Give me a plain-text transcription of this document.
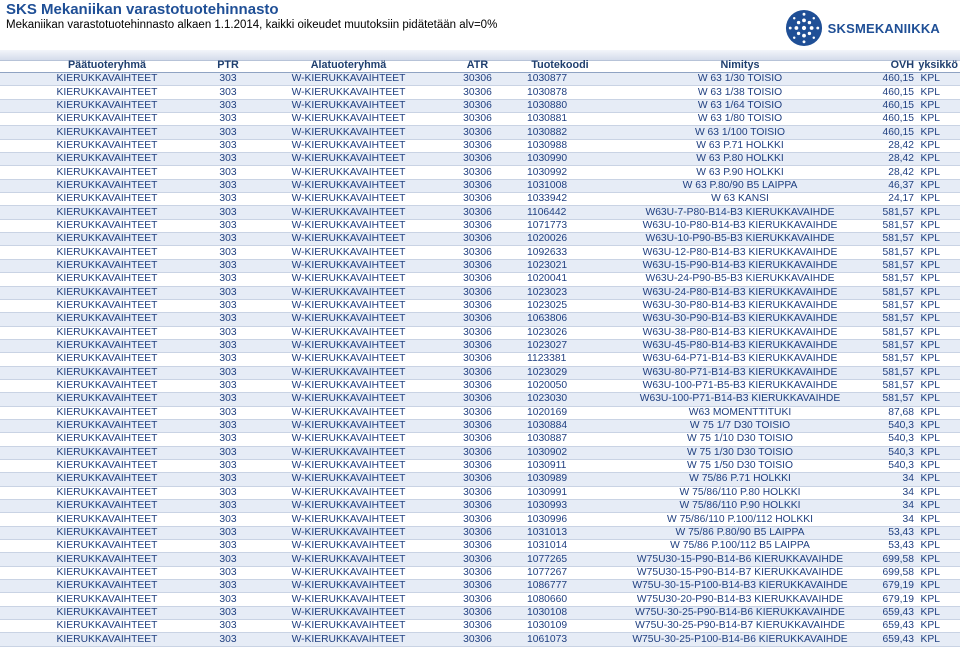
SKS Mekaniikan varastotuotehinnasto
Mekaniikan varastotuotehinnasto alkaen 1.1.2014, kaikki oikeudet muutoksiin pidätetään alv=0%	SKSMEKANIIKKA
Päätuoteryhmä	PTR	Alatuoteryhmä	ATR	Tuotekoodi	Nimitys	OVH	yksikkö
KIERUKKAVAIHTEET	303	W-KIERUKKAVAIHTEET	30306	1030877	W 63 1/30 TOISIO	460,15	KPL
KIERUKKAVAIHTEET	303	W-KIERUKKAVAIHTEET	30306	1030878	W 63 1/38 TOISIO	460,15	KPL
KIERUKKAVAIHTEET	303	W-KIERUKKAVAIHTEET	30306	1030880	W 63 1/64 TOISIO	460,15	KPL
KIERUKKAVAIHTEET	303	W-KIERUKKAVAIHTEET	30306	1030881	W 63 1/80 TOISIO	460,15	KPL
KIERUKKAVAIHTEET	303	W-KIERUKKAVAIHTEET	30306	1030882	W 63 1/100 TOISIO	460,15	KPL
KIERUKKAVAIHTEET	303	W-KIERUKKAVAIHTEET	30306	1030988	W 63 P.71 HOLKKI	28,42	KPL
KIERUKKAVAIHTEET	303	W-KIERUKKAVAIHTEET	30306	1030990	W 63 P.80 HOLKKI	28,42	KPL
KIERUKKAVAIHTEET	303	W-KIERUKKAVAIHTEET	30306	1030992	W 63 P.90 HOLKKI	28,42	KPL
KIERUKKAVAIHTEET	303	W-KIERUKKAVAIHTEET	30306	1031008	W 63 P.80/90 B5 LAIPPA	46,37	KPL
KIERUKKAVAIHTEET	303	W-KIERUKKAVAIHTEET	30306	1033942	W 63 KANSI	24,17	KPL
KIERUKKAVAIHTEET	303	W-KIERUKKAVAIHTEET	30306	1106442	W63U-7-P80-B14-B3 KIERUKKAVAIHDE	581,57	KPL
KIERUKKAVAIHTEET	303	W-KIERUKKAVAIHTEET	30306	1071773	W63U-10-P80-B14-B3 KIERUKKAVAIHDE	581,57	KPL
KIERUKKAVAIHTEET	303	W-KIERUKKAVAIHTEET	30306	1020026	W63U-10-P90-B5-B3 KIERUKKAVAIHDE	581,57	KPL
KIERUKKAVAIHTEET	303	W-KIERUKKAVAIHTEET	30306	1092633	W63U-12-P80-B14-B3 KIERUKKAVAIHDE	581,57	KPL
KIERUKKAVAIHTEET	303	W-KIERUKKAVAIHTEET	30306	1023021	W63U-15-P90-B14-B3 KIERUKKAVAIHDE	581,57	KPL
KIERUKKAVAIHTEET	303	W-KIERUKKAVAIHTEET	30306	1020041	W63U-24-P90-B5-B3 KIERUKKAVAIHDE	581,57	KPL
KIERUKKAVAIHTEET	303	W-KIERUKKAVAIHTEET	30306	1023023	W63U-24-P80-B14-B3 KIERUKKAVAIHDE	581,57	KPL
KIERUKKAVAIHTEET	303	W-KIERUKKAVAIHTEET	30306	1023025	W63U-30-P80-B14-B3 KIERUKKAVAIHDE	581,57	KPL
KIERUKKAVAIHTEET	303	W-KIERUKKAVAIHTEET	30306	1063806	W63U-30-P90-B14-B3 KIERUKKAVAIHDE	581,57	KPL
KIERUKKAVAIHTEET	303	W-KIERUKKAVAIHTEET	30306	1023026	W63U-38-P80-B14-B3 KIERUKKAVAIHDE	581,57	KPL
KIERUKKAVAIHTEET	303	W-KIERUKKAVAIHTEET	30306	1023027	W63U-45-P80-B14-B3 KIERUKKAVAIHDE	581,57	KPL
KIERUKKAVAIHTEET	303	W-KIERUKKAVAIHTEET	30306	1123381	W63U-64-P71-B14-B3 KIERUKKAVAIHDE	581,57	KPL
KIERUKKAVAIHTEET	303	W-KIERUKKAVAIHTEET	30306	1023029	W63U-80-P71-B14-B3 KIERUKKAVAIHDE	581,57	KPL
KIERUKKAVAIHTEET	303	W-KIERUKKAVAIHTEET	30306	1020050	W63U-100-P71-B5-B3 KIERUKKAVAIHDE	581,57	KPL
KIERUKKAVAIHTEET	303	W-KIERUKKAVAIHTEET	30306	1023030	W63U-100-P71-B14-B3 KIERUKKAVAIHDE	581,57	KPL
KIERUKKAVAIHTEET	303	W-KIERUKKAVAIHTEET	30306	1020169	W63 MOMENTTITUKI	87,68	KPL
KIERUKKAVAIHTEET	303	W-KIERUKKAVAIHTEET	30306	1030884	W 75 1/7 D30 TOISIO	540,3	KPL
KIERUKKAVAIHTEET	303	W-KIERUKKAVAIHTEET	30306	1030887	W 75 1/10 D30 TOISIO	540,3	KPL
KIERUKKAVAIHTEET	303	W-KIERUKKAVAIHTEET	30306	1030902	W 75 1/30 D30 TOISIO	540,3	KPL
KIERUKKAVAIHTEET	303	W-KIERUKKAVAIHTEET	30306	1030911	W 75 1/50 D30 TOISIO	540,3	KPL
KIERUKKAVAIHTEET	303	W-KIERUKKAVAIHTEET	30306	1030989	W 75/86 P.71 HOLKKI	34	KPL
KIERUKKAVAIHTEET	303	W-KIERUKKAVAIHTEET	30306	1030991	W 75/86/110 P.80 HOLKKI	34	KPL
KIERUKKAVAIHTEET	303	W-KIERUKKAVAIHTEET	30306	1030993	W 75/86/110 P.90 HOLKKI	34	KPL
KIERUKKAVAIHTEET	303	W-KIERUKKAVAIHTEET	30306	1030996	W 75/86/110 P.100/112 HOLKKI	34	KPL
KIERUKKAVAIHTEET	303	W-KIERUKKAVAIHTEET	30306	1031013	W 75/86 P.80/90 B5 LAIPPA	53,43	KPL
KIERUKKAVAIHTEET	303	W-KIERUKKAVAIHTEET	30306	1031014	W 75/86 P.100/112 B5 LAIPPA	53,43	KPL
KIERUKKAVAIHTEET	303	W-KIERUKKAVAIHTEET	30306	1077265	W75U30-15-P90-B14-B6 KIERUKKAVAIHDE	699,58	KPL
KIERUKKAVAIHTEET	303	W-KIERUKKAVAIHTEET	30306	1077267	W75U30-15-P90-B14-B7 KIERUKKAVAIHDE	699,58	KPL
KIERUKKAVAIHTEET	303	W-KIERUKKAVAIHTEET	30306	1086777	W75U-30-15-P100-B14-B3 KIERUKKAVAIHDE	679,19	KPL
KIERUKKAVAIHTEET	303	W-KIERUKKAVAIHTEET	30306	1080660	W75U30-20-P90-B14-B3 KIERUKKAVAIHDE	679,19	KPL
KIERUKKAVAIHTEET	303	W-KIERUKKAVAIHTEET	30306	1030108	W75U-30-25-P90-B14-B6 KIERUKKAVAIHDE	659,43	KPL
KIERUKKAVAIHTEET	303	W-KIERUKKAVAIHTEET	30306	1030109	W75U-30-25-P90-B14-B7 KIERUKKAVAIHDE	659,43	KPL
KIERUKKAVAIHTEET	303	W-KIERUKKAVAIHTEET	30306	1061073	W75U-30-25-P100-B14-B6 KIERUKKAVAIHDE	659,43	KPL
